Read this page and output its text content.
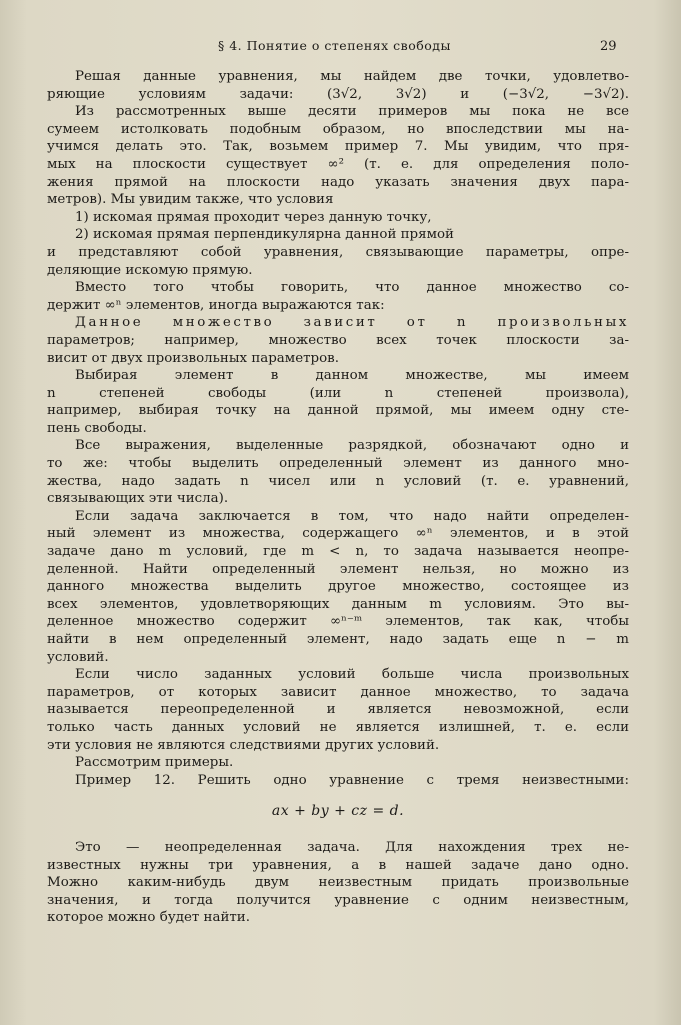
§ 4. Понятие о степенях свободы	29
Решая данные уравнения, мы найдем две точки, удовлетво-
ряющие условиям задачи: (3√2, 3√2) и (−3√2, −3√2).
Из рассмотренных выше десяти примеров мы пока не все
сумеем истолковать подобным образом, но впоследствии мы на-
учимся делать это. Так, возьмем пример 7. Мы увидим, что пря-
мых на плоскости существует ∞² (т. е. для определения поло-
жения прямой на плоскости надо указать значения двух пара-
метров). Мы увидим также, что условия
1) искомая прямая проходит через данную точку,
2) искомая прямая перпендикулярна данной прямой
и представляют собой уравнения, связывающие параметры, опре-
деляющие искомую прямую.
Вместо того чтобы говорить, что данное множество со-
держит ∞ⁿ элементов, иногда выражаются так:
Данное множество зависит от n произвольных
параметров; например, множество всех точек плоскости за-
висит от двух произвольных параметров.
Выбирая элемент в данном множестве, мы имеем
n степеней свободы (или n степеней произвола),
например, выбирая точку на данной прямой, мы имеем одну сте-
пень свободы.
Все выражения, выделенные разрядкой, обозначают одно и
то же: чтобы выделить определенный элемент из данного мно-
жества, надо задать n чисел или n условий (т. е. уравнений,
связывающих эти числа).
Если задача заключается в том, что надо найти определен-
ный элемент из множества, содержащего ∞ⁿ элементов, и в этой
задаче дано m условий, где m < n, то задача называется неопре-
деленной. Найти определенный элемент нельзя, но можно из
данного множества выделить другое множество, состоящее из
всех элементов, удовлетворяющих данным m условиям. Это вы-
деленное множество содержит ∞ⁿ⁻ᵐ элементов, так как, чтобы
найти в нем определенный элемент, надо задать еще n − m
условий.
Если число заданных условий больше числа произвольных
параметров, от которых зависит данное множество, то задача
называется переопределенной и является невозможной, если
только часть данных условий не является излишней, т. е. если
эти условия не являются следствиями других условий.
Рассмотрим примеры.
Пример 12. Решить одно уравнение с тремя неизвестными:
ax + by + cz = d.
Это — неопределенная задача. Для нахождения трех не-
известных нужны три уравнения, а в нашей задаче дано одно.
Можно каким-нибудь двум неизвестным придать произвольные
значения, и тогда получится уравнение с одним неизвестным,
которое можно будет найти.
